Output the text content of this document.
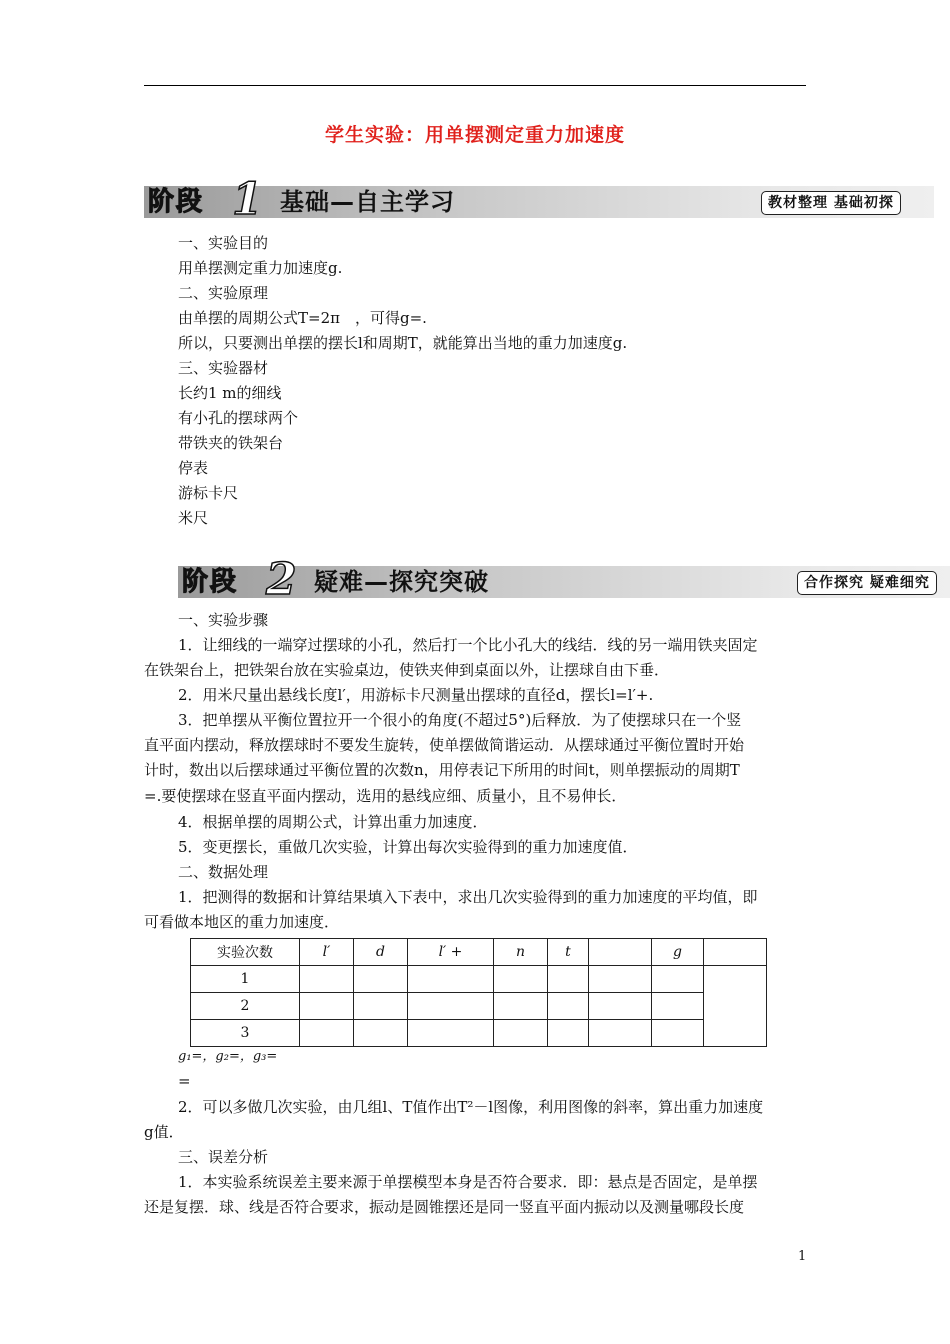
学生实验：用单摆测定重力加速度
阶段 1 基础—自主学习	教材整理 基础初探
一、实验目的
用单摆测定重力加速度g.
二、实验原理
由单摆的周期公式T=2π　，可得g=.
所以，只要测出单摆的摆长l和周期T，就能算出当地的重力加速度g.
三、实验器材
长约1 m的细线
有小孔的摆球两个
带铁夹的铁架台
停表
游标卡尺
米尺
阶段 2 疑难—探究突破	合作探究 疑难细究
一、实验步骤
1．让细线的一端穿过摆球的小孔，然后打一个比小孔大的线结．线的另一端用铁夹固定
在铁架台上，把铁架台放在实验桌边，使铁夹伸到桌面以外，让摆球自由下垂．
2．用米尺量出悬线长度l′，用游标卡尺测量出摆球的直径d，摆长l=l′+.
3．把单摆从平衡位置拉开一个很小的角度(不超过5°)后释放．为了使摆球只在一个竖
直平面内摆动，释放摆球时不要发生旋转，使单摆做简谐运动．从摆球通过平衡位置时开始
计时，数出以后摆球通过平衡位置的次数n，用停表记下所用的时间t，则单摆振动的周期T
=.要使摆球在竖直平面内摆动，选用的悬线应细、质量小，且不易伸长．
4．根据单摆的周期公式，计算出重力加速度．
5．变更摆长，重做几次实验，计算出每次实验得到的重力加速度值．
二、数据处理
1．把测得的数据和计算结果填入下表中，求出几次实验得到的重力加速度的平均值，即
可看做本地区的重力加速度．
实验次数	l′	d	l′ +	n	t		g	
1								
2								
3								
g₁=，g₂=，g₃=
=
2．可以多做几次实验，由几组l、T值作出T²－l图像，利用图像的斜率，算出重力加速度
g值．
三、误差分析
1．本实验系统误差主要来源于单摆模型本身是否符合要求．即：悬点是否固定，是单摆
还是复摆．球、线是否符合要求，振动是圆锥摆还是同一竖直平面内振动以及测量哪段长度
1
